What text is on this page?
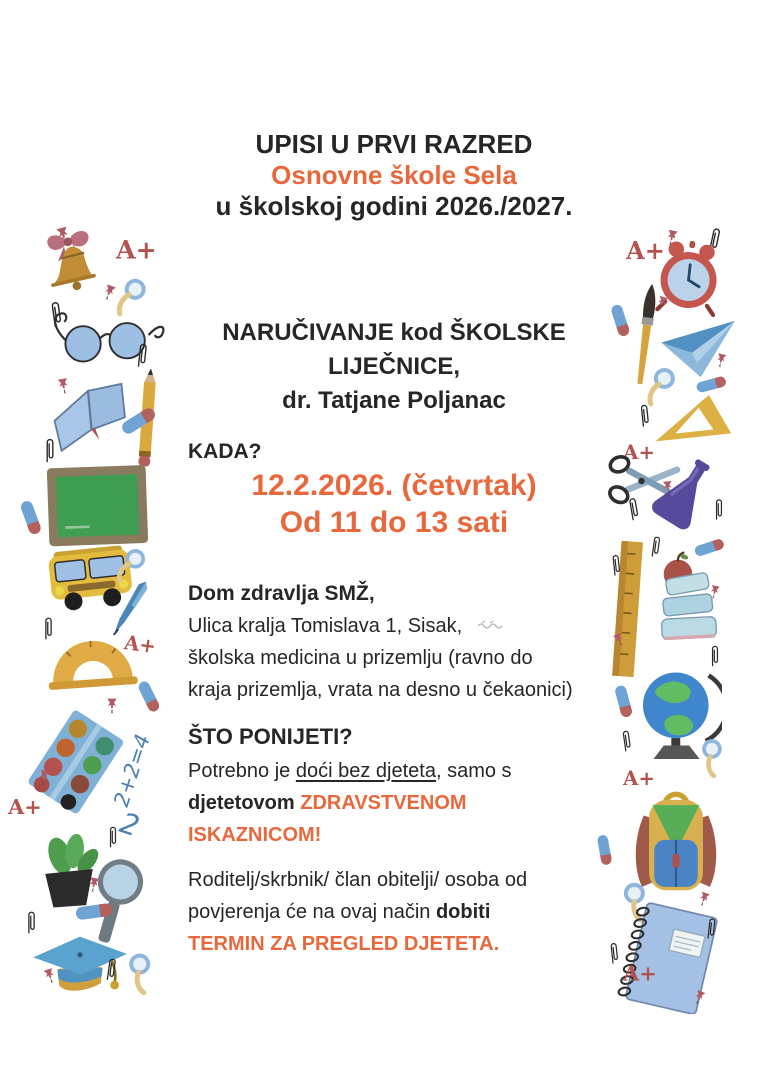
UPISI U PRVI RAZRED

Osnovne škole Sela

u školskoj godini 2026./2027.

NARUČIVANJE kod ŠKOLSKE

LIJEČNICE,

dr. Tatjane Poljanac

KADA?

12.2.2026. (četvrtak)

Od 11 do 13 sati

Dom zdravlja SMŽ,

Ulica kralja Tomislava 1, Sisak,

školska medicina u prizemlju (ravno do

kraja prizemlja, vrata na desno u čekaonici)

ŠTO PONIJETI?

Potrebno je doći bez djeteta, samo s

djetetovom ZDRAVSTVENOM

ISKAZNICOM!

Roditelj/skrbnik/ član obitelji/ osoba od

povjerenja će na ovaj način dobiti

TERMIN ZA PREGLED DJETETA.
